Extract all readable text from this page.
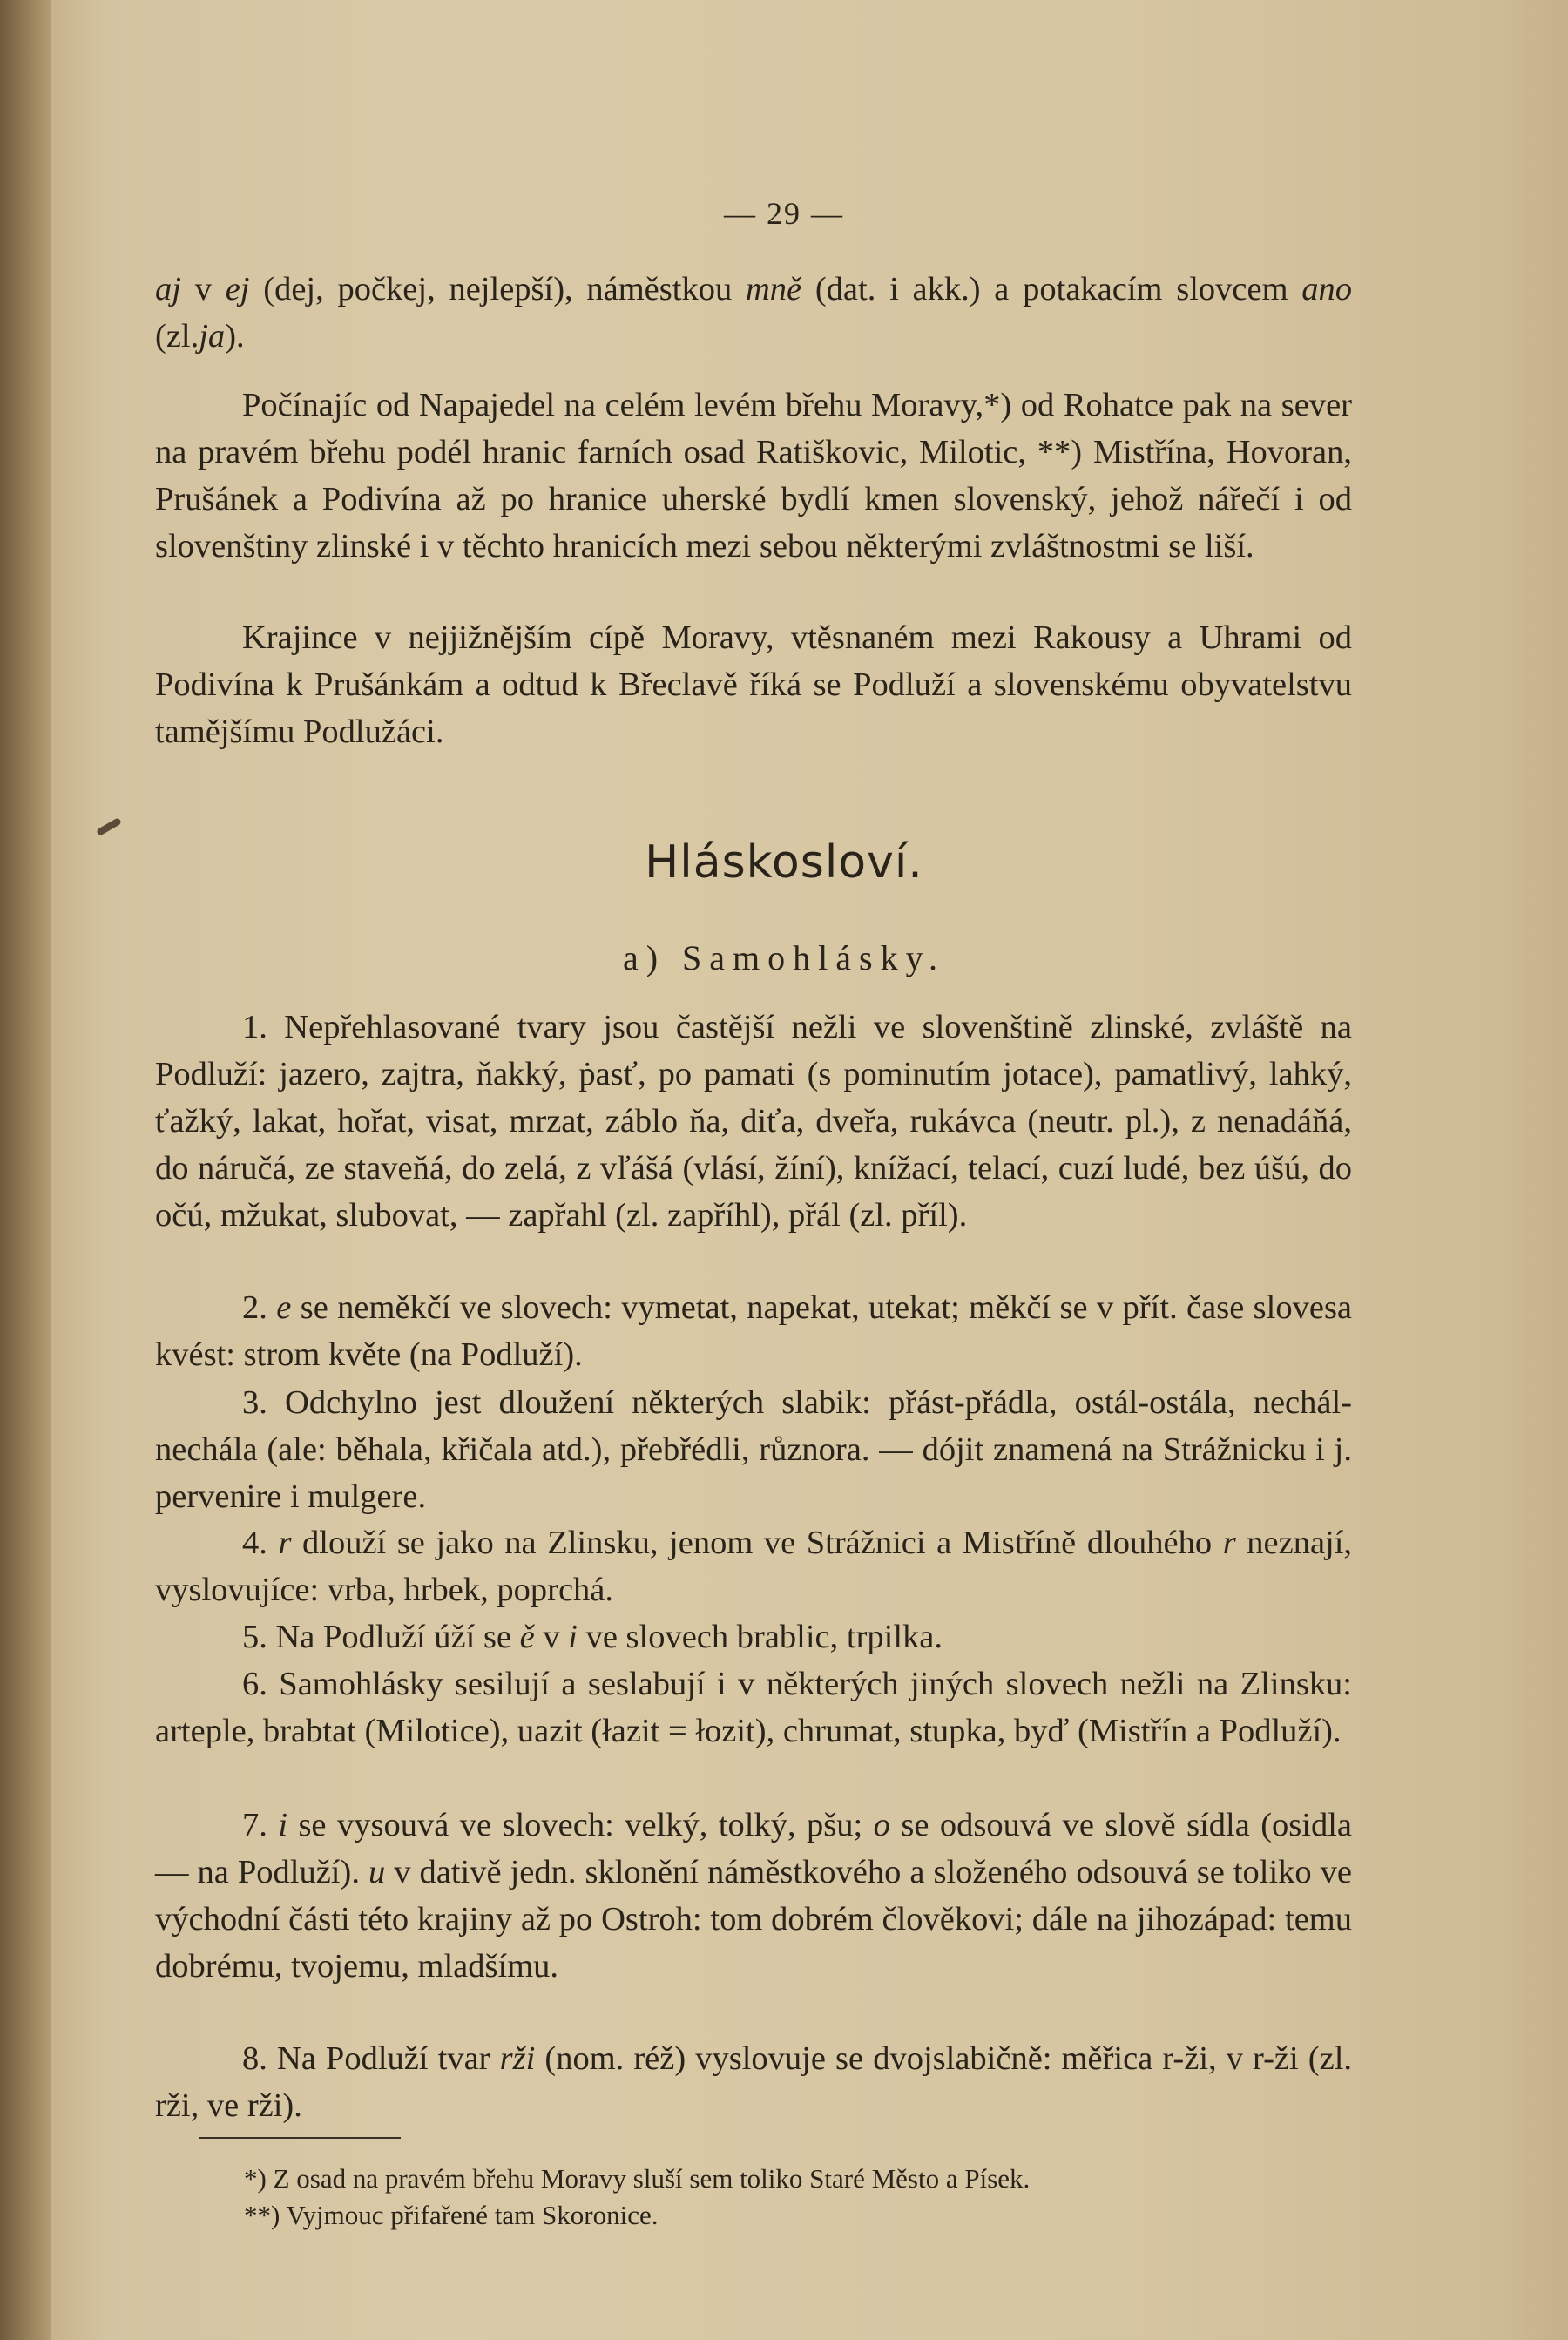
— 29 —

aj v ej (dej, počkej, nejlepší), náměstkou mně (dat. i akk.) a potakacím slovcem ano (zl.ja).

Počínajíc od Napajedel na celém levém břehu Moravy,*) od Rohatce pak na sever na pravém břehu podél hranic farních osad Ratiškovic, Milotic, **) Mistřína, Hovoran, Prušánek a Podivína až po hranice uherské bydlí kmen slovenský, jehož nářečí i od slovenštiny zlinské i v těchto hranicích mezi sebou některými zvláštnostmi se liší.

Krajince v nejjižnějším cípě Moravy, vtěsnaném mezi Rakousy a Uhrami od Podivína k Prušánkám a odtud k Břeclavě říká se Podluží a slovenskému obyvatelstvu tamějšímu Podlužáci.

Hláskosloví.
a) Samohlásky.

1. Nepřehlasované tvary jsou častější nežli ve slovenštině zlinské, zvláště na Podluží: jazero, zajtra, ňakký, ṗasť, po pamati (s pominutím jotace), pamatlivý, lahký, ťažký, lakat, hořat, visat, mrzat, záblo ňa, diťa, dveřa, rukávca (neutr. pl.), z nenadáňá, do náručá, ze staveňá, do zelá, z vľášá (vlásí, žíní), knížací, telací, cuzí ludé, bez úšú, do očú, mžukat, slubovat, — zapřahl (zl. zapříhl), přál (zl. příl).

2. e se neměkčí ve slovech: vymetat, napekat, utekat; měkčí se v přít. čase slovesa kvést: strom květe (na Podluží).

3. Odchylno jest dloužení některých slabik: přást-přádla, ostál-ostála, nechál-nechála (ale: běhala, křičala atd.), přebřédli, různora. — dójit znamená na Strážnicku i j. pervenire i mulgere.

4. r dlouží se jako na Zlinsku, jenom ve Strážnici a Mistříně dlouhého r neznají, vyslovujíce: vrba, hrbek, poprchá.

5. Na Podluží úží se ě v i ve slovech brablic, trpilka.

6. Samohlásky sesilují a seslabují i v některých jiných slovech nežli na Zlinsku: arteple, brabtat (Milotice), uazit (łazit = łozit), chrumat, stupka, byď (Mistřín a Podluží).

7. i se vysouvá ve slovech: velký, tolký, pšu; o se odsouvá ve slově sídla (osidla — na Podluží). u v dativě jedn. sklonění náměstkového a složeného odsouvá se toliko ve východní části této krajiny až po Ostroh: tom dobrém člověkovi; dále na jihozápad: temu dobrému, tvojemu, mladšímu.

8. Na Podluží tvar rži (nom. réž) vyslovuje se dvojslabičně: měřica r-ži, v r-ži (zl. rži, ve rži).

*) Z osad na pravém břehu Moravy sluší sem toliko Staré Město a Písek.
**) Vyjmouc přifařené tam Skoronice.
